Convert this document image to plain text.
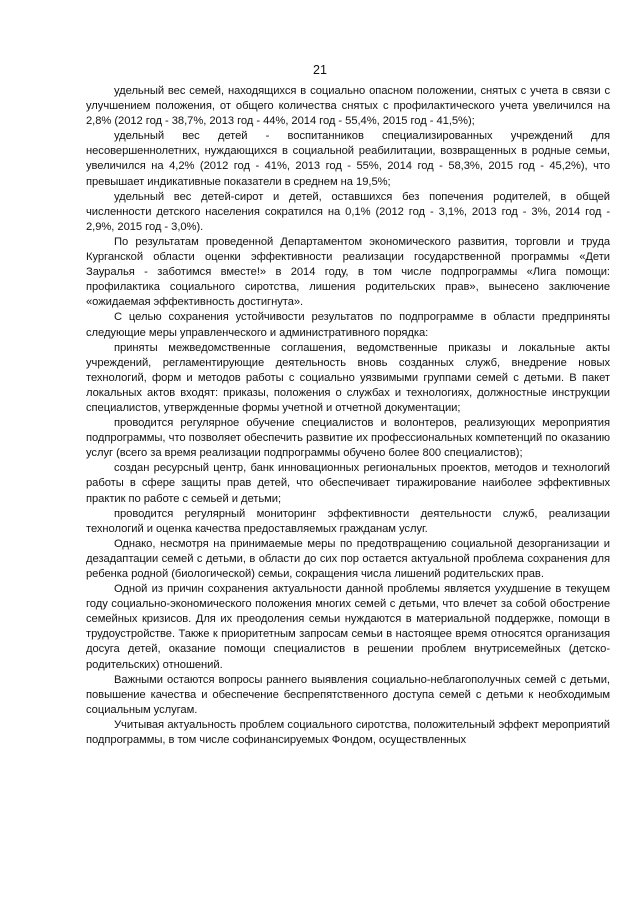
21

удельный вес семей, находящихся в социально опасном положении, снятых с учета в связи с улучшением положения, от общего количества снятых с профилактического учета увеличился на 2,8% (2012 год - 38,7%, 2013 год - 44%, 2014 год - 55,4%, 2015 год - 41,5%);

удельный вес детей - воспитанников специализированных учреждений для несовершеннолетних, нуждающихся в социальной реабилитации, возвращенных в родные семьи, увеличился на 4,2% (2012 год - 41%, 2013 год - 55%, 2014 год - 58,3%, 2015 год - 45,2%), что превышает индикативные показатели в среднем на 19,5%;

удельный вес детей-сирот и детей, оставшихся без попечения родителей, в общей численности детского населения сократился на 0,1% (2012 год - 3,1%, 2013 год - 3%, 2014 год - 2,9%, 2015 год - 3,0%).

По результатам проведенной Департаментом экономического развития, торговли и труда Курганской области оценки эффективности реализации государственной программы «Дети Зауралья - заботимся вместе!» в 2014 году, в том числе подпрограммы «Лига помощи: профилактика социального сиротства, лишения родительских прав», вынесено заключение «ожидаемая эффективность достигнута».

С целью сохранения устойчивости результатов по подпрограмме в области предприняты следующие меры управленческого и административного порядка:

приняты межведомственные соглашения, ведомственные приказы и локальные акты учреждений, регламентирующие деятельность вновь созданных служб, внедрение новых технологий, форм и методов работы с социально уязвимыми группами семей с детьми. В пакет локальных актов входят: приказы, положения о службах и технологиях, должностные инструкции специалистов, утвержденные формы учетной и отчетной документации;

проводится регулярное обучение специалистов и волонтеров, реализующих мероприятия подпрограммы, что позволяет обеспечить развитие их профессиональных компетенций по оказанию услуг (всего за время реализации подпрограммы обучено более 800 специалистов);

создан ресурсный центр, банк инновационных региональных проектов, методов и технологий работы в сфере защиты прав детей, что обеспечивает тиражирование наиболее эффективных практик по работе с семьей и детьми;

проводится регулярный мониторинг эффективности деятельности служб, реализации технологий и оценка качества предоставляемых гражданам услуг.

Однако, несмотря на принимаемые меры по предотвращению социальной дезорганизации и дезадаптации семей с детьми, в области до сих пор остается актуальной проблема сохранения для ребенка родной (биологической) семьи, сокращения числа лишений родительских прав.

Одной из причин сохранения актуальности данной проблемы является ухудшение в текущем году социально-экономического положения многих семей с детьми, что влечет за собой обострение семейных кризисов. Для их преодоления семьи нуждаются в материальной поддержке, помощи в трудоустройстве. Также к приоритетным запросам семьи в настоящее время относятся организация досуга детей, оказание помощи специалистов в решении проблем внутрисемейных (детско-родительских) отношений.

Важными остаются вопросы раннего выявления социально-неблагополучных семей с детьми, повышение качества и обеспечение беспрепятственного доступа семей с детьми к необходимым социальным услугам.

Учитывая актуальность проблем социального сиротства, положительный эффект мероприятий подпрограммы, в том числе софинансируемых Фондом, осуществленных
